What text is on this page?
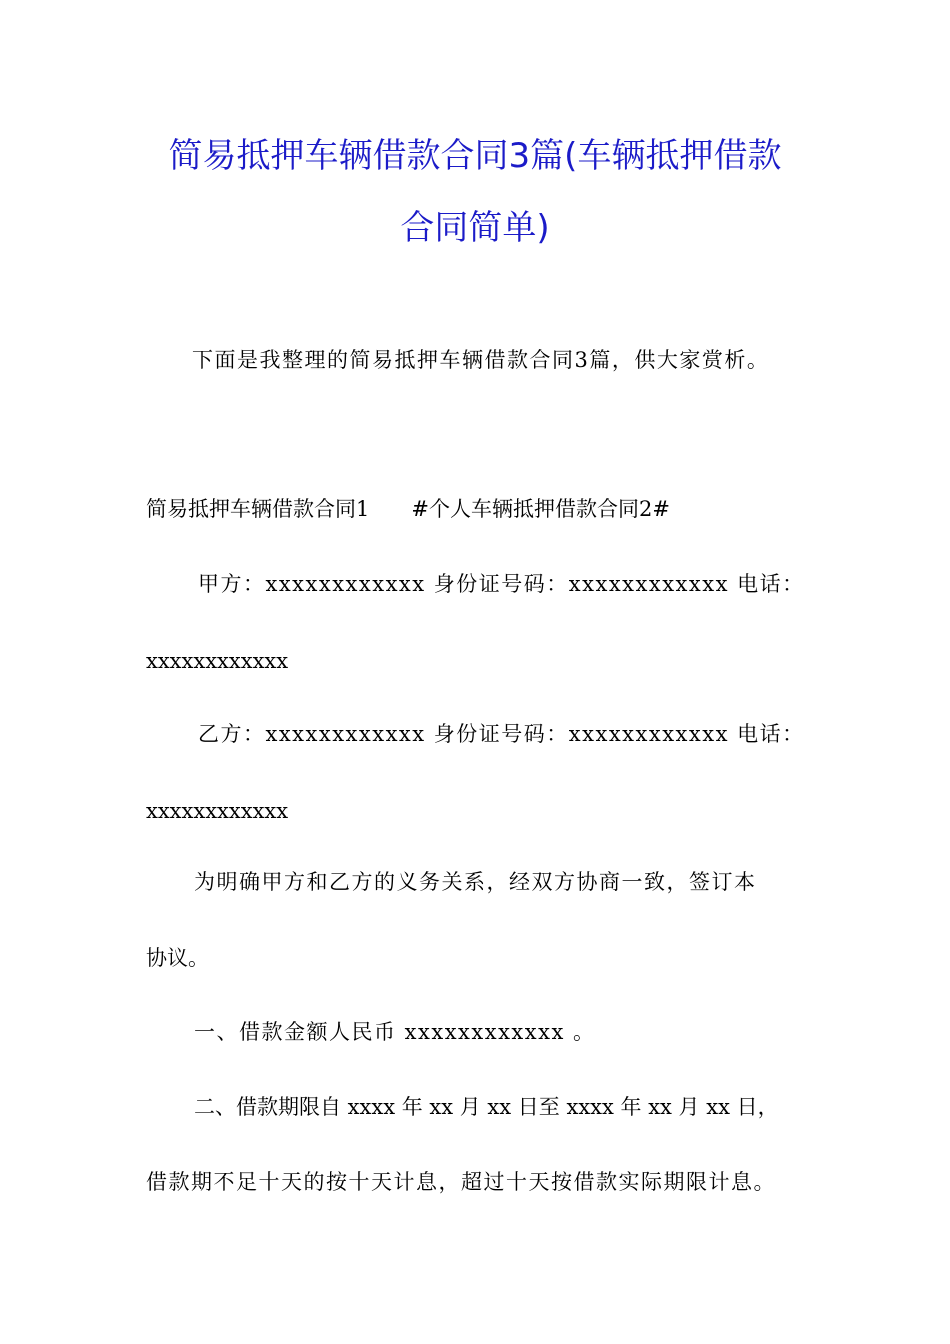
简易抵押车辆借款合同3篇(车辆抵押借款
合同简单)
下面是我整理的简易抵押车辆借款合同3篇，供大家赏析。
简易抵押车辆借款合同1　　#个人车辆抵押借款合同2#
甲方：xxxxxxxxxxxx 身份证号码：xxxxxxxxxxxx 电话：
xxxxxxxxxxxx
乙方：xxxxxxxxxxxx 身份证号码：xxxxxxxxxxxx 电话：
xxxxxxxxxxxx
为明确甲方和乙方的义务关系，经双方协商一致，签订本
协议。
一、借款金额人民币 xxxxxxxxxxxx 。
二、借款期限自 xxxx 年 xx 月 xx 日至 xxxx 年 xx 月 xx 日，
借款期不足十天的按十天计息，超过十天按借款实际期限计息。
